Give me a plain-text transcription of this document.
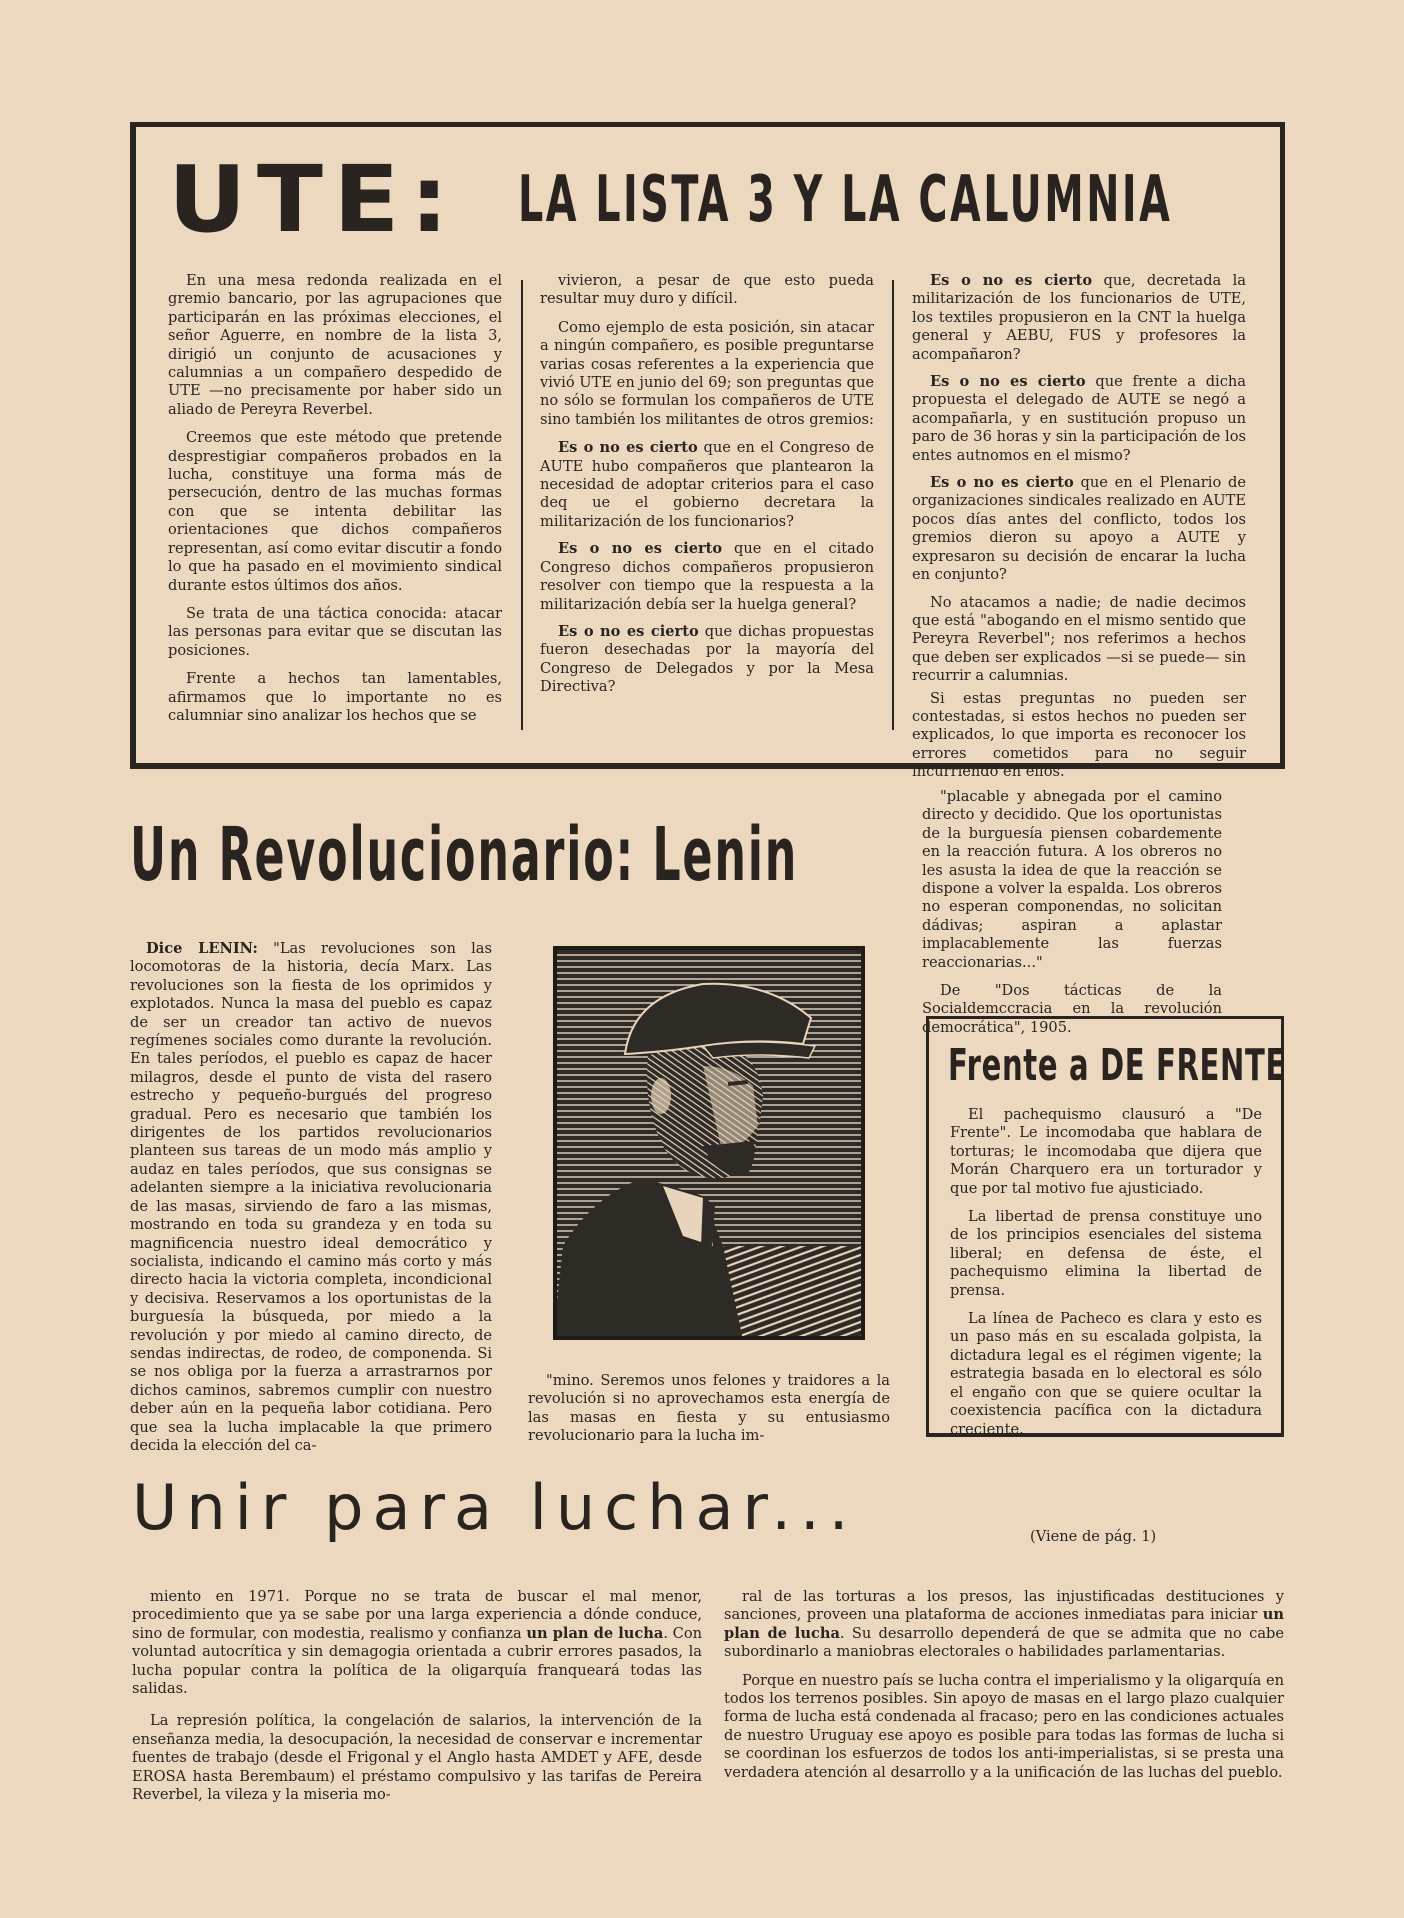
UTE: LA LISTA 3 Y LA CALUMNIA

En una mesa redonda realizada en el gremio bancario, por las agrupaciones que participarán en las próximas elecciones, el señor Aguerre, en nombre de la lista 3, dirigió un conjunto de acusaciones y calumnias a un compañero despedido de UTE —no precisamente por haber sido un aliado de Pereyra Reverbel.

Creemos que este método que pretende desprestigiar compañeros probados en la lucha, constituye una forma más de persecución, dentro de las muchas formas con que se intenta debilitar las orientaciones que dichos compañeros representan, así como evitar discutir a fondo lo que ha pasado en el movimiento sindical durante estos últimos dos años.

Se trata de una táctica conocida: atacar las personas para evitar que se discutan las posiciones.

Frente a hechos tan lamentables, afirmamos que lo importante no es calumniar sino analizar los hechos que se

vivieron, a pesar de que esto pueda resultar muy duro y difícil.

Como ejemplo de esta posición, sin atacar a ningún compañero, es posible preguntarse varias cosas referentes a la experiencia que vivió UTE en junio del 69; son preguntas que no sólo se formulan los compañeros de UTE sino también los militantes de otros gremios:

Es o no es cierto que en el Congreso de AUTE hubo compañeros que plantearon la necesidad de adoptar criterios para el caso deq ue el gobierno decretara la militarización de los funcionarios?
Es o no es cierto que en el citado Congreso dichos compañeros propusieron resolver con tiempo que la respuesta a la militarización debía ser la huelga general?
Es o no es cierto que dichas propuestas fueron desechadas por la mayoría del Congreso de Delegados y por la Mesa Directiva?
Es o no es cierto que, decretada la militarización de los funcionarios de UTE, los textiles propusieron en la CNT la huelga general y AEBU, FUS y profesores la acompañaron?
Es o no es cierto que frente a dicha propuesta el delegado de AUTE se negó a acompañarla, y en sustitución propuso un paro de 36 horas y sin la participación de los entes autnomos en el mismo?
Es o no es cierto que en el Plenario de organizaciones sindicales realizado en AUTE pocos días antes del conflicto, todos los gremios dieron su apoyo a AUTE y expresaron su decisión de encarar la lucha en conjunto?

No atacamos a nadie; de nadie decimos que está "abogando en el mismo sentido que Pereyra Reverbel"; nos referimos a hechos que deben ser explicados —si se puede— sin recurrir a calumnias.

Si estas preguntas no pueden ser contestadas, si estos hechos no pueden ser explicados, lo que importa es reconocer los errores cometidos para no seguir incurriendo en ellos.

Un Revolucionario: Lenin

Dice LENIN: "Las revoluciones son las locomotoras de la historia, decía Marx. Las revoluciones son la fiesta de los oprimidos y explotados. Nunca la masa del pueblo es capaz de ser un creador tan activo de nuevos regímenes sociales como durante la revolución. En tales períodos, el pueblo es capaz de hacer milagros, desde el punto de vista del rasero estrecho y pequeño-burgués del progreso gradual. Pero es necesario que también los dirigentes de los partidos revolucionarios planteen sus tareas de un modo más amplio y audaz en tales períodos, que sus consignas se adelanten siempre a la iniciativa revolucionaria de las masas, sirviendo de faro a las mismas, mostrando en toda su grandeza y en toda su magnificencia nuestro ideal democrático y socialista, indicando el camino más corto y más directo hacia la victoria completa, incondicional y decisiva. Reservamos a los oportunistas de la burguesía la búsqueda, por miedo a la revolución y por miedo al camino directo, de sendas indirectas, de rodeo, de componenda. Si se nos obliga por la fuerza a arrastrarnos por dichos caminos, sabremos cumplir con nuestro deber aún en la pequeña labor cotidiana. Pero que sea la lucha implacable la que primero decida la elección del ca-

"mino. Seremos unos felones y traidores a la revolución si no aprovechamos esta energía de las masas en fiesta y su entusiasmo revolucionario para la lucha im-

"placable y abnegada por el camino directo y decidido. Que los oportunistas de la burguesía piensen cobardemente en la reacción futura. A los obreros no les asusta la idea de que la reacción se dispone a volver la espalda. Los obreros no esperan componendas, no solicitan dádivas; aspiran a aplastar implacablemente las fuerzas reaccionarias..."

De "Dos tácticas de la Socialdemccracia en la revolución democrática", 1905.

Frente a DE FRENTE

El pachequismo clausuró a "De Frente". Le incomodaba que hablara de torturas; le incomodaba que dijera que Morán Charquero era un torturador y que por tal motivo fue ajusticiado.

La libertad de prensa constituye uno de los principios esenciales del sistema liberal; en defensa de éste, el pachequismo elimina la libertad de prensa.

La línea de Pacheco es clara y esto es un paso más en su escalada golpista, la dictadura legal es el régimen vigente; la estrategia basada en lo electoral es sólo el engaño con que se quiere ocultar la coexistencia pacífica con la dictadura creciente.

Unir para luchar...	(Viene de pág. 1)

miento en 1971. Porque no se trata de buscar el mal menor, procedimiento que ya se sabe por una larga experiencia a dónde conduce, sino de formular, con modestia, realismo y confianza un plan de lucha. Con voluntad autocrítica y sin demagogia orientada a cubrir errores pasados, la lucha popular contra la política de la oligarquía franqueará todas las salidas.

La represión política, la congelación de salarios, la intervención de la enseñanza media, la desocupación, la necesidad de conservar e incrementar fuentes de trabajo (desde el Frigonal y el Anglo hasta AMDET y AFE, desde EROSA hasta Berembaum) el préstamo compulsivo y las tarifas de Pereira Reverbel, la vileza y la miseria mo-

ral de las torturas a los presos, las injustificadas destituciones y sanciones, proveen una plataforma de acciones inmediatas para iniciar un plan de lucha. Su desarrollo dependerá de que se admita que no cabe subordinarlo a maniobras electorales o habilidades parlamentarias.

Porque en nuestro país se lucha contra el imperialismo y la oligarquía en todos los terrenos posibles. Sin apoyo de masas en el largo plazo cualquier forma de lucha está condenada al fracaso; pero en las condiciones actuales de nuestro Uruguay ese apoyo es posible para todas las formas de lucha si se coordinan los esfuerzos de todos los anti-imperialistas, si se presta una verdadera atención al desarrollo y a la unificación de las luchas del pueblo.
